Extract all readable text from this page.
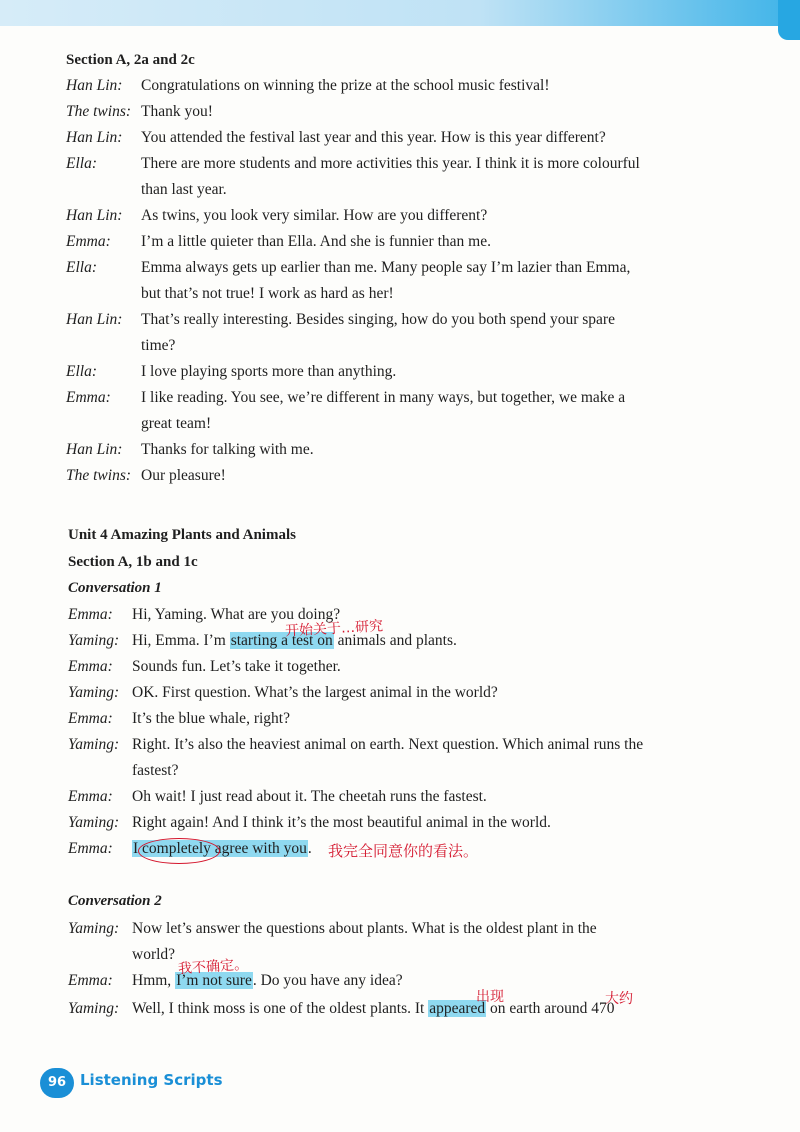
Section A, 2a and 2c
Han Lin: Congratulations on winning the prize at the school music festival!
The twins: Thank you!
Han Lin: You attended the festival last year and this year. How is this year different?
Ella:	There are more students and more activities this year. I think it is more colourful
than last year.
Han Lin: As twins, you look very similar. How are you different?
Emma: I’m a little quieter than Ella. And she is funnier than me.
Ella:	Emma always gets up earlier than me. Many people say I’m lazier than Emma,
but that’s not true! I work as hard as her!
Han Lin: That’s really interesting. Besides singing, how do you both spend your spare
time?
Ella:	I love playing sports more than anything.
Emma: I like reading. You see, we’re different in many ways, but together, we make a
great team!
Han Lin: Thanks for talking with me.
The twins: Our pleasure!
Unit 4 Amazing Plants and Animals
Section A, 1b and 1c
Conversation 1
Emma: Hi, Yaming. What are you doing?
Yaming: Hi, Emma. I’m starting a test on animals and plants.
开始关于…研究
Emma: Sounds fun. Let’s take it together.
Yaming: OK. First question. What’s the largest animal in the world?
Emma: It’s the blue whale, right?
Yaming: Right. It’s also the heaviest animal on earth. Next question. Which animal runs the
fastest?
Emma: Oh wait! I just read about it. The cheetah runs the fastest.
Yaming: Right again! And I think it’s the most beautiful animal in the world.
Emma: I completely agree with you. 我完全同意你的看法。
Conversation 2
Yaming: Now let’s answer the questions about plants. What is the oldest plant in the
world?
Emma: Hmm, I’m not sure. Do you have any idea?
我不确定。
Yaming: Well, I think moss is one of the oldest plants. It appeared on earth around 470
出现	大约
96 Listening Scripts
